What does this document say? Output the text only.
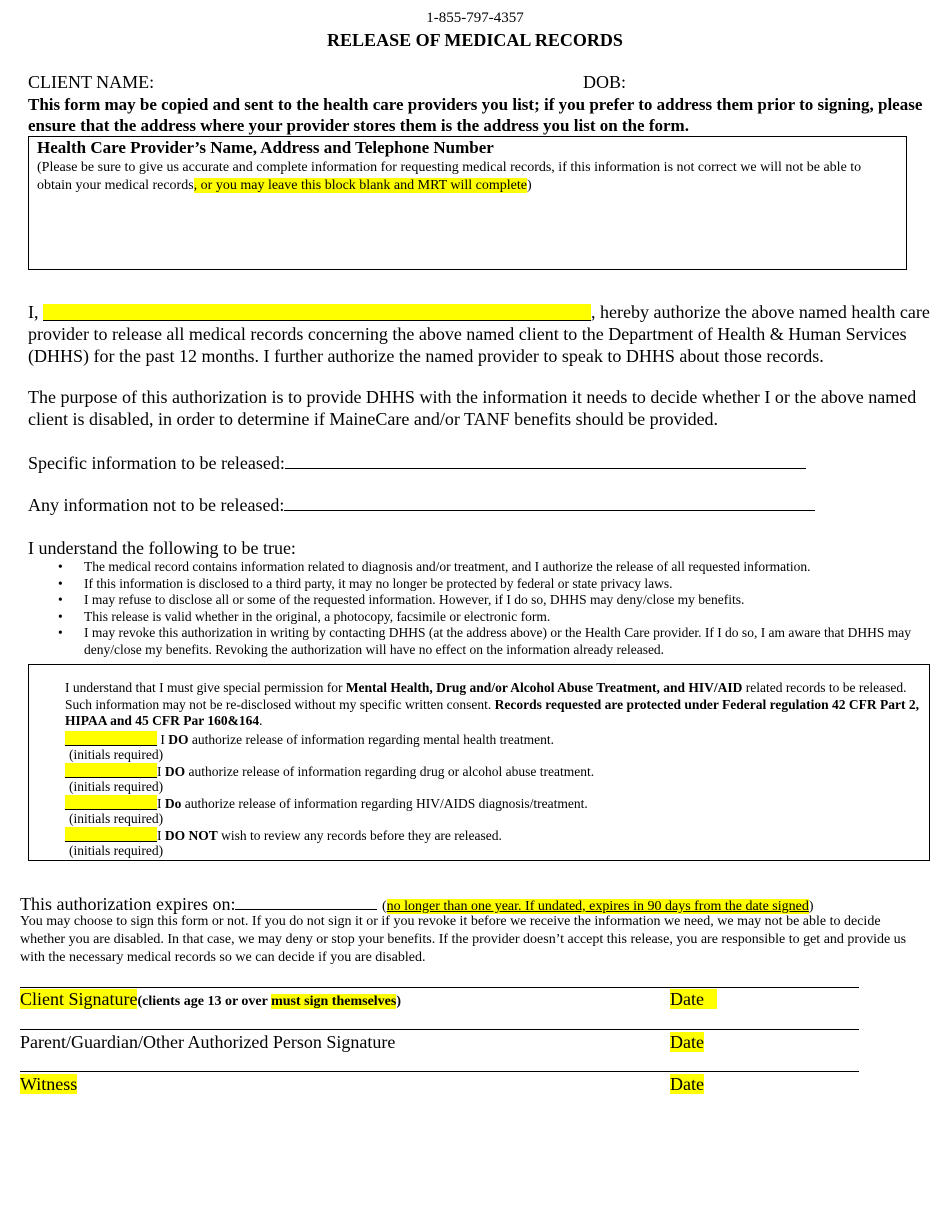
1-855-797-4357
RELEASE OF MEDICAL RECORDS
CLIENT NAME:	DOB:
This form may be copied and sent to the health care providers you list; if you prefer to address them prior to signing, please ensure that the address where your provider stores them is the address you list on the form.
Health Care Provider’s Name, Address and Telephone Number
(Please be sure to give us accurate and complete information for requesting medical records, if this information is not correct we will not be able to obtain your medical records, or you may leave this block blank and MRT will complete)
I,	, hereby authorize the above named health care provider to release all medical records concerning the above named client to the Department of Health & Human Services (DHHS) for the past 12 months. I further authorize the named provider to speak to DHHS about those records.
The purpose of this authorization is to provide DHHS with the information it needs to decide whether I or the above named client is disabled, in order to determine if MaineCare and/or TANF benefits should be provided.
Specific information to be released:
Any information not to be released:
I understand the following to be true:
• The medical record contains information related to diagnosis and/or treatment, and I authorize the release of all requested information.
• If this information is disclosed to a third party, it may no longer be protected by federal or state privacy laws.
• I may refuse to disclose all or some of the requested information. However, if I do so, DHHS may deny/close my benefits.
• This release is valid whether in the original, a photocopy, facsimile or electronic form.
• I may revoke this authorization in writing by contacting DHHS (at the address above) or the Health Care provider. If I do so, I am aware that DHHS may deny/close my benefits. Revoking the authorization will have no effect on the information already released.
I understand that I must give special permission for Mental Health, Drug and/or Alcohol Abuse Treatment, and HIV/AID related records to be released. Such information may not be re-disclosed without my specific written consent. Records requested are protected under Federal regulation 42 CFR Part 2, HIPAA and 45 CFR Par 160&164.
I DO authorize release of information regarding mental health treatment.
(initials required)
I DO authorize release of information regarding drug or alcohol abuse treatment.
(initials required)
I Do authorize release of information regarding HIV/AIDS diagnosis/treatment.
(initials required)
I DO NOT wish to review any records before they are released.
(initials required)
This authorization expires on:	(no longer than one year. If undated, expires in 90 days from the date signed)
You may choose to sign this form or not. If you do not sign it or if you revoke it before we receive the information we need, we may not be able to decide whether you are disabled. In that case, we may deny or stop your benefits. If the provider doesn’t accept this release, you are responsible to get and provide us with the necessary medical records so we can decide if you are disabled.
Client Signature(clients age 13 or over must sign themselves)	Date
Parent/Guardian/Other Authorized Person Signature	Date
Witness	Date
